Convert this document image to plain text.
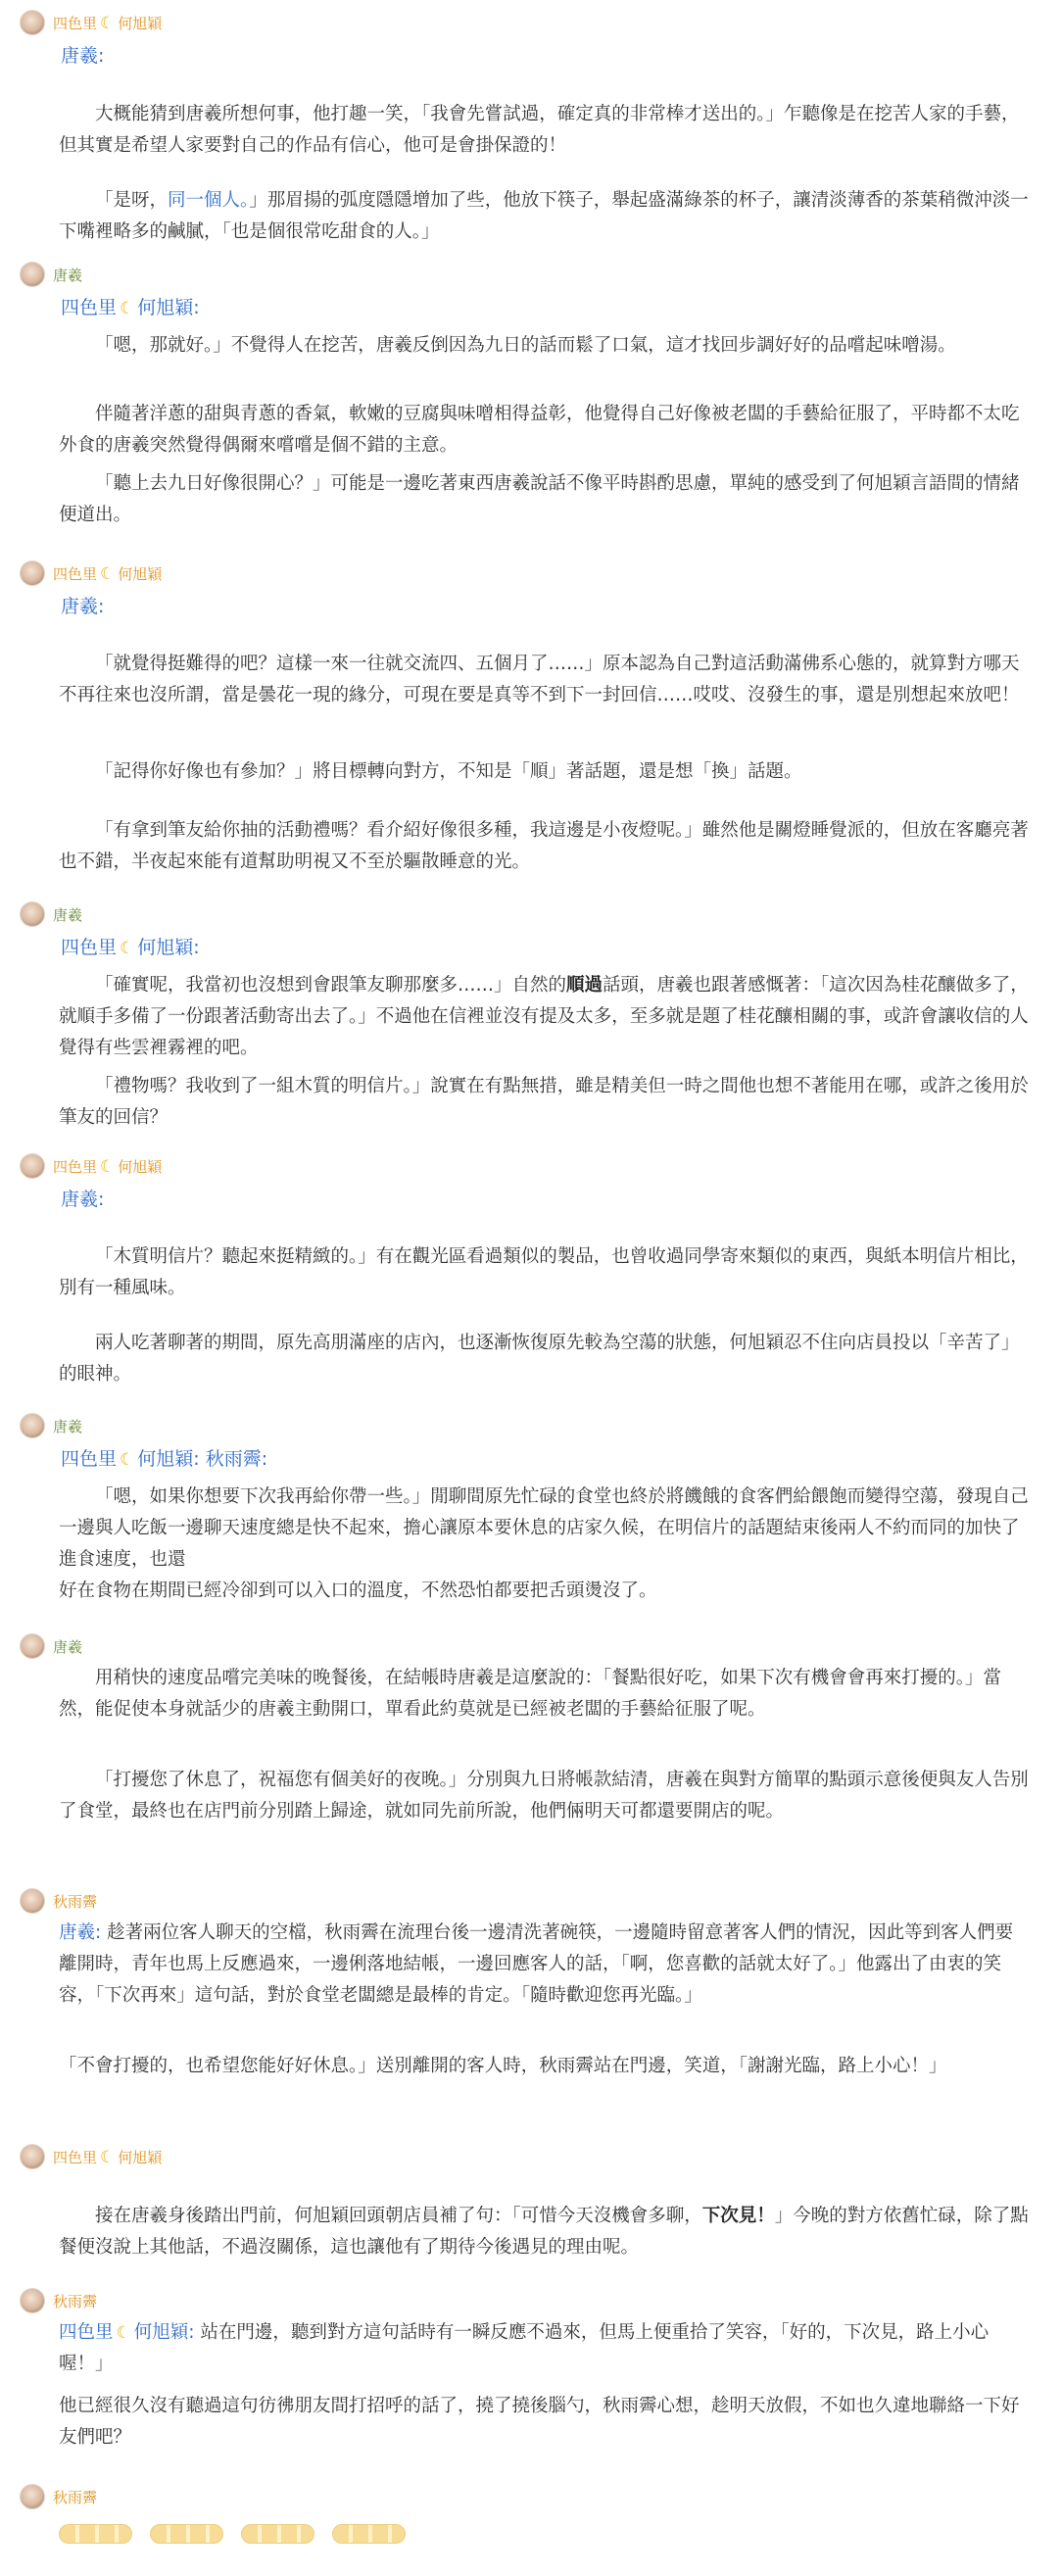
四色里 ☾ 何旭穎
唐羲:
大概能猜到唐羲所想何事，他打趣一笑，「我會先嘗試過，確定真的非常棒才送出的。」乍聽像是在挖苦人家的手藝，但其實是希望人家要對自己的作品有信心，他可是會掛保證的！
「是呀，同一個人。」那眉揚的弧度隱隱增加了些，他放下筷子，舉起盛滿綠茶的杯子，讓清淡薄香的茶葉稍微沖淡一下嘴裡略多的鹹膩，「也是個很常吃甜食的人。」
唐羲
四色里 ☾ 何旭穎:
「嗯，那就好。」不覺得人在挖苦，唐羲反倒因為九日的話而鬆了口氣，這才找回步調好好的品嚐起味噌湯。
伴隨著洋蔥的甜與青蔥的香氣，軟嫩的豆腐與味噌相得益彰，他覺得自己好像被老闆的手藝給征服了，平時都不太吃外食的唐羲突然覺得偶爾來嚐嚐是個不錯的主意。
「聽上去九日好像很開心？」可能是一邊吃著東西唐羲說話不像平時斟酌思慮，單純的感受到了何旭穎言語間的情緒便道出。
四色里 ☾ 何旭穎
唐羲:
「就覺得挺難得的吧？這樣一來一往就交流四、五個月了……」原本認為自己對這活動滿佛系心態的，就算對方哪天不再往來也沒所謂，當是曇花一現的緣分，可現在要是真等不到下一封回信……哎哎、沒發生的事，還是別想起來放吧！
「記得你好像也有參加？」將目標轉向對方，不知是「順」著話題，還是想「換」話題。
「有拿到筆友給你抽的活動禮嗎？看介紹好像很多種，我這邊是小夜燈呢。」雖然他是關燈睡覺派的，但放在客廳亮著也不錯，半夜起來能有道幫助明視又不至於驅散睡意的光。
唐羲
四色里 ☾ 何旭穎:
「確實呢，我當初也沒想到會跟筆友聊那麼多……」自然的順過話頭，唐羲也跟著感慨著：「這次因為桂花釀做多了，就順手多備了一份跟著活動寄出去了。」不過他在信裡並沒有提及太多，至多就是題了桂花釀相關的事，或許會讓收信的人覺得有些雲裡霧裡的吧。
「禮物嗎？我收到了一組木質的明信片。」說實在有點無措，雖是精美但一時之間他也想不著能用在哪，或許之後用於筆友的回信？
四色里 ☾ 何旭穎
唐羲:
「木質明信片？聽起來挺精緻的。」有在觀光區看過類似的製品，也曾收過同學寄來類似的東西，與紙本明信片相比，別有一種風味。
兩人吃著聊著的期間，原先高朋滿座的店內，也逐漸恢復原先較為空蕩的狀態，何旭穎忍不住向店員投以「辛苦了」的眼神。
唐羲
四色里 ☾ 何旭穎: 秋雨霽:
「嗯，如果你想要下次我再給你帶一些。」閒聊間原先忙碌的食堂也終於將饑餓的食客們給餵飽而變得空蕩，發現自己一邊與人吃飯一邊聊天速度總是快不起來，擔心讓原本要休息的店家久候，在明信片的話題結束後兩人不約而同的加快了進食速度，也還
好在食物在期間已經冷卻到可以入口的溫度，不然恐怕都要把舌頭燙沒了。
唐羲
用稍快的速度品嚐完美味的晚餐後，在結帳時唐羲是這麼說的：「餐點很好吃，如果下次有機會會再來打擾的。」當然，能促使本身就話少的唐羲主動開口，單看此約莫就是已經被老闆的手藝給征服了呢。
「打擾您了休息了，祝福您有個美好的夜晚。」分別與九日將帳款結清，唐羲在與對方簡單的點頭示意後便與友人告別了食堂，最終也在店門前分別踏上歸途，就如同先前所說，他們倆明天可都還要開店的呢。
秋雨霽
唐羲: 趁著兩位客人聊天的空檔，秋雨霽在流理台後一邊清洗著碗筷，一邊隨時留意著客人們的情況，因此等到客人們要離開時，青年也馬上反應過來，一邊俐落地結帳，一邊回應客人的話，「啊，您喜歡的話就太好了。」他露出了由衷的笑容，「下次再來」這句話，對於食堂老闆總是最棒的肯定。「隨時歡迎您再光臨。」
「不會打擾的，也希望您能好好休息。」送別離開的客人時，秋雨霽站在門邊，笑道，「謝謝光臨，路上小心！」
四色里 ☾ 何旭穎
接在唐羲身後踏出門前，何旭穎回頭朝店員補了句：「可惜今天沒機會多聊，下次見！」今晚的對方依舊忙碌，除了點餐便沒說上其他話，不過沒關係，這也讓他有了期待今後遇見的理由呢。
秋雨霽
四色里 ☾ 何旭穎: 站在門邊，聽到對方這句話時有一瞬反應不過來，但馬上便重拾了笑容，「好的，下次見，路上小心喔！」
他已經很久沒有聽過這句彷彿朋友間打招呼的話了，撓了撓後腦勺，秋雨霽心想，趁明天放假，不如也久違地聯絡一下好友們吧？
秋雨霽
